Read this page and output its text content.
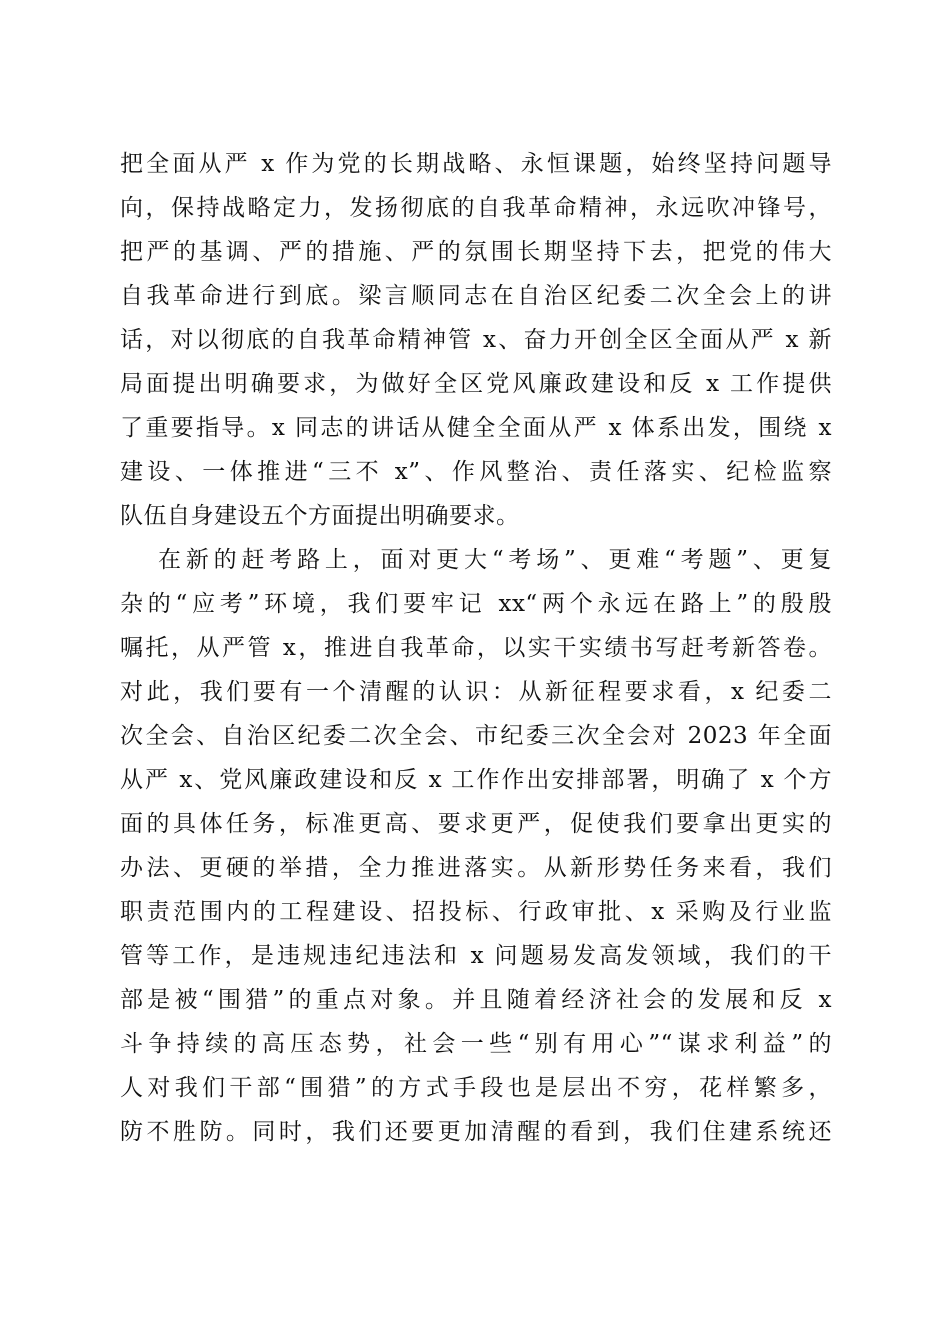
把全面从严 x 作为党的长期战略、永恒课题，始终坚持问题导
向，保持战略定力，发扬彻底的自我革命精神，永远吹冲锋号，
把严的基调、严的措施、严的氛围长期坚持下去，把党的伟大
自我革命进行到底。梁言顺同志在自治区纪委二次全会上的讲
话，对以彻底的自我革命精神管 x、奋力开创全区全面从严 x 新
局面提出明确要求，为做好全区党风廉政建设和反 x 工作提供
了重要指导。x 同志的讲话从健全全面从严 x 体系出发，围绕 x
建设、一体推进“三不 x”、作风整治、责任落实、纪检监察
队伍自身建设五个方面提出明确要求。
在新的赶考路上，面对更大“考场”、更难“考题”、更复
杂的“应考”环境，我们要牢记 xx“两个永远在路上”的殷殷
嘱托，从严管 x，推进自我革命，以实干实绩书写赶考新答卷。
对此，我们要有一个清醒的认识：从新征程要求看，x 纪委二
次全会、自治区纪委二次全会、市纪委三次全会对 2023 年全面
从严 x、党风廉政建设和反 x 工作作出安排部署，明确了 x 个方
面的具体任务，标准更高、要求更严，促使我们要拿出更实的
办法、更硬的举措，全力推进落实。从新形势任务来看，我们
职责范围内的工程建设、招投标、行政审批、x 采购及行业监
管等工作，是违规违纪违法和 x 问题易发高发领域，我们的干
部是被“围猎”的重点对象。并且随着经济社会的发展和反 x
斗争持续的高压态势，社会一些“别有用心”“谋求利益”的
人对我们干部“围猎”的方式手段也是层出不穷，花样繁多，
防不胜防。同时，我们还要更加清醒的看到，我们住建系统还
